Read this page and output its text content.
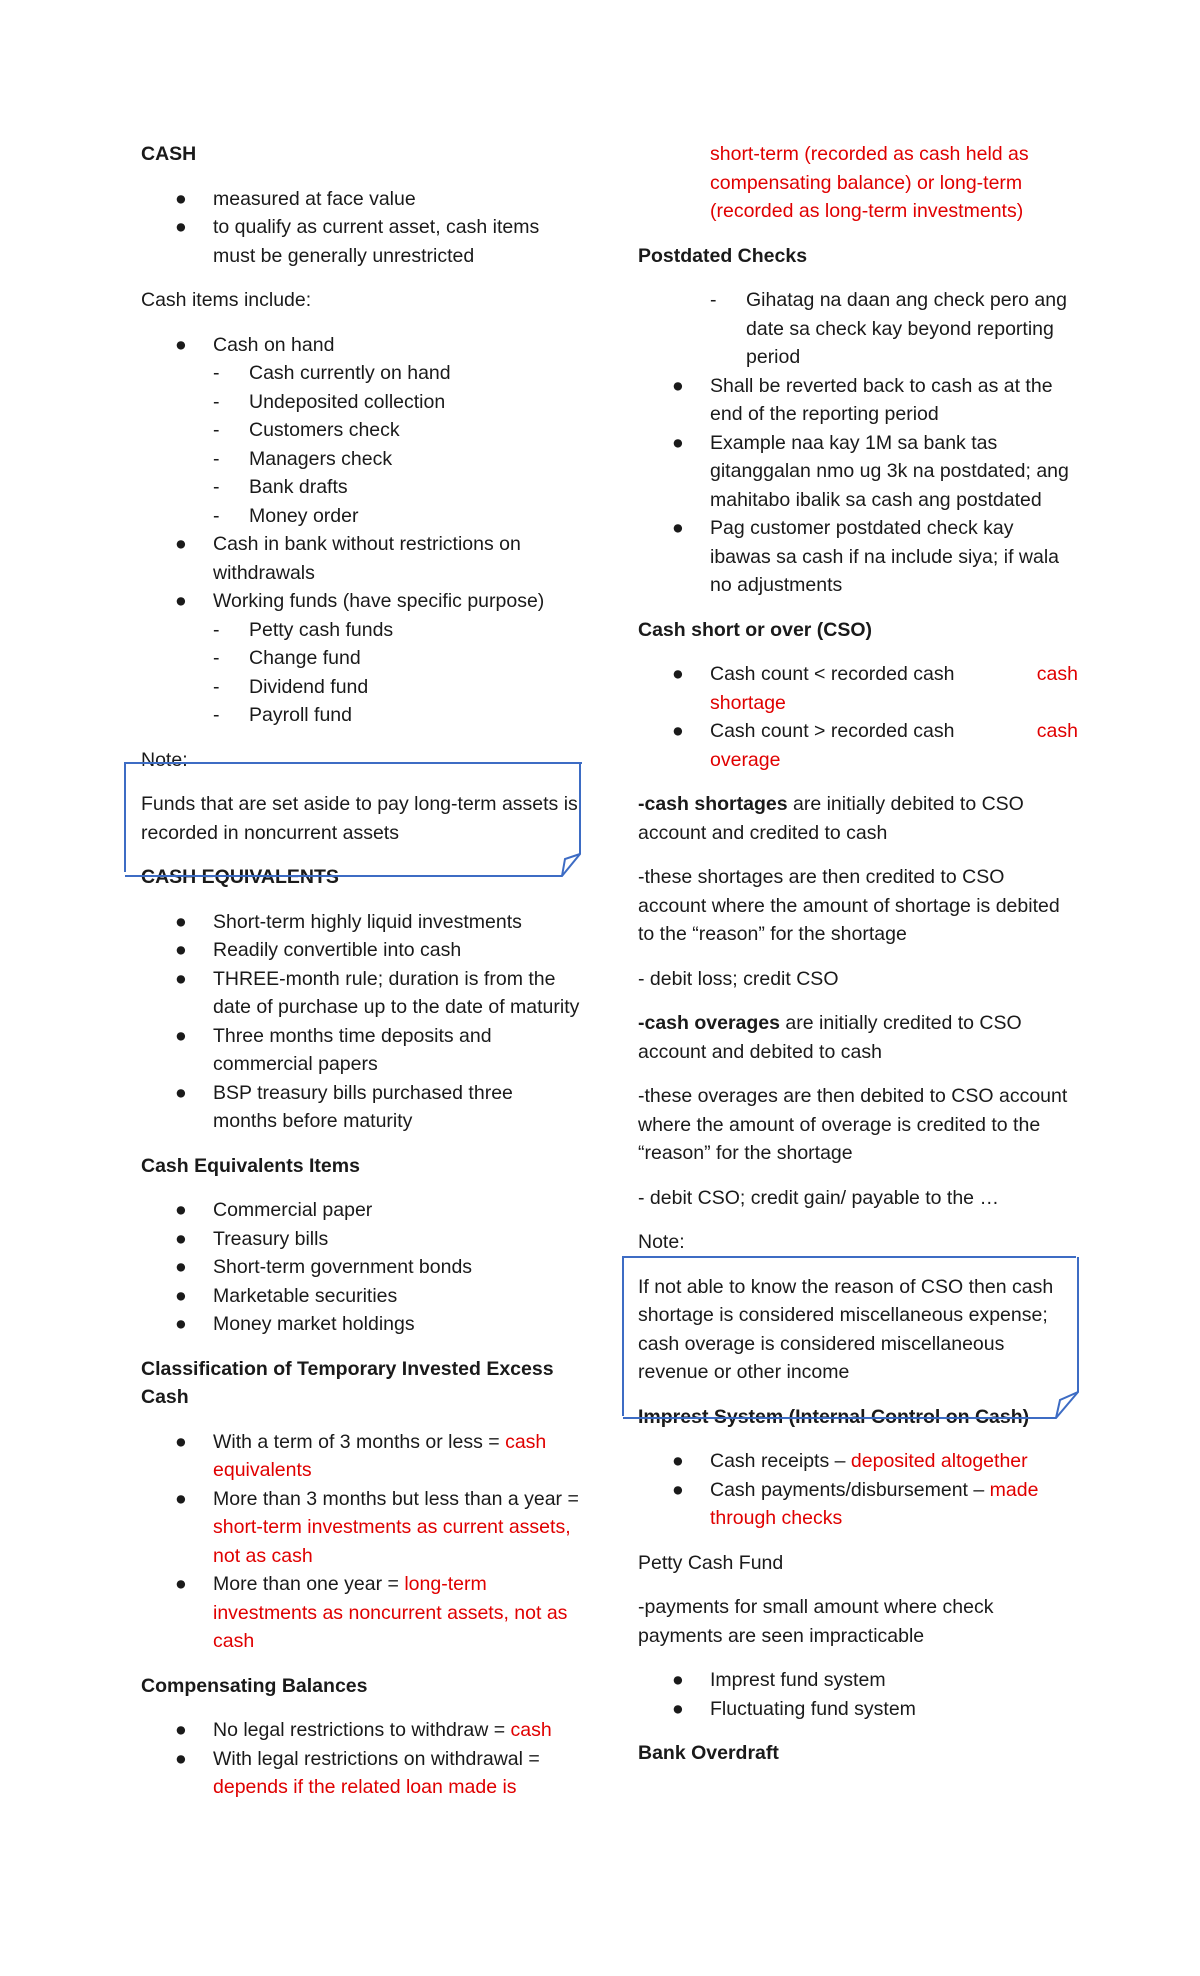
CASH

● measured at face value
● to qualify as current asset, cash items must be generally unrestricted

Cash items include:

● Cash on hand
- Cash currently on hand
- Undeposited collection
- Customers check
- Managers check
- Bank drafts
- Money order
● Cash in bank without restrictions on withdrawals
● Working funds (have specific purpose)
- Petty cash funds
- Change fund
- Dividend fund
- Payroll fund

Note:

Funds that are set aside to pay long-term assets is recorded in noncurrent assets

CASH EQUIVALENTS

● Short-term highly liquid investments
● Readily convertible into cash
● THREE-month rule; duration is from the date of purchase up to the date of maturity
● Three months time deposits and commercial papers
● BSP treasury bills purchased three months before maturity

Cash Equivalents Items

● Commercial paper
● Treasury bills
● Short-term government bonds
● Marketable securities
● Money market holdings

Classification of Temporary Invested Excess Cash

● With a term of 3 months or less = cash equivalents
● More than 3 months but less than a year = short-term investments as current assets, not as cash
● More than one year = long-term investments as noncurrent assets, not as cash

Compensating Balances

● No legal restrictions to withdraw = cash
● With legal restrictions on withdrawal = depends if the related loan made is
short-term (recorded as cash held as compensating balance) or long-term (recorded as long-term investments)

Postdated Checks

- Gihatag na daan ang check pero ang date sa check kay beyond reporting period
● Shall be reverted back to cash as at the end of the reporting period
● Example naa kay 1M sa bank tas gitanggalan nmo ug 3k na postdated; ang mahitabo ibalik sa cash ang postdated
● Pag customer postdated check kay ibawas sa cash if na include siya; if wala no adjustments

Cash short or over (CSO)

● Cash count < recorded cash	cash

shortage
● Cash count > recorded cash	cash

overage

-cash shortages are initially debited to CSO account and credited to cash

-these shortages are then credited to CSO account where the amount of shortage is debited to the “reason” for the shortage

- debit loss; credit CSO

-cash overages are initially credited to CSO account and debited to cash

-these overages are then debited to CSO account where the amount of overage is credited to the “reason” for the shortage

- debit CSO; credit gain/ payable to the …

Note:

If not able to know the reason of CSO then cash shortage is considered miscellaneous expense; cash overage is considered miscellaneous revenue or other income

Imprest System (Internal Control on Cash)

● Cash receipts – deposited altogether
● Cash payments/disbursement – made through checks

Petty Cash Fund

-payments for small amount where check payments are seen impracticable

● Imprest fund system
● Fluctuating fund system

Bank Overdraft
